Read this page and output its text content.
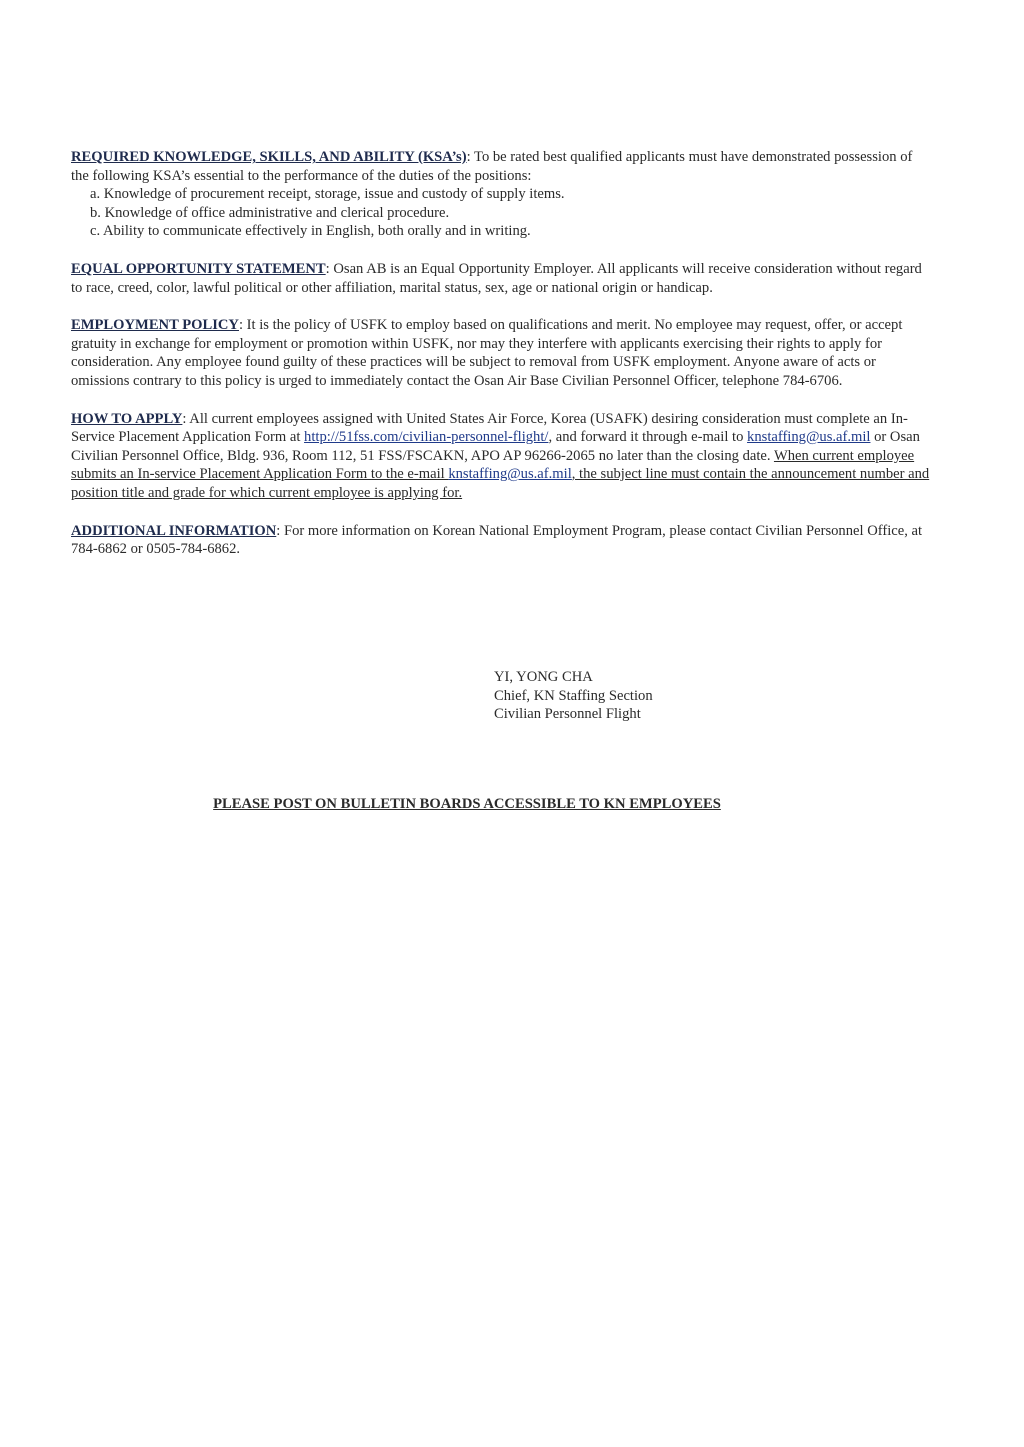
REQUIRED KNOWLEDGE, SKILLS, AND ABILITY (KSA’s): To be rated best qualified applicants must have demonstrated possession of the following KSA’s essential to the performance of the duties of the positions:
a. Knowledge of procurement receipt, storage, issue and custody of supply items.
b. Knowledge of office administrative and clerical procedure.
c. Ability to communicate effectively in English, both orally and in writing.
EQUAL OPPORTUNITY STATEMENT: Osan AB is an Equal Opportunity Employer. All applicants will receive consideration without regard to race, creed, color, lawful political or other affiliation, marital status, sex, age or national origin or handicap.
EMPLOYMENT POLICY: It is the policy of USFK to employ based on qualifications and merit. No employee may request, offer, or accept gratuity in exchange for employment or promotion within USFK, nor may they interfere with applicants exercising their rights to apply for consideration. Any employee found guilty of these practices will be subject to removal from USFK employment. Anyone aware of acts or omissions contrary to this policy is urged to immediately contact the Osan Air Base Civilian Personnel Officer, telephone 784-6706.
HOW TO APPLY: All current employees assigned with United States Air Force, Korea (USAFK) desiring consideration must complete an In-Service Placement Application Form at http://51fss.com/civilian-personnel-flight/, and forward it through e-mail to knstaffing@us.af.mil or Osan Civilian Personnel Office, Bldg. 936, Room 112, 51 FSS/FSCAKN, APO AP 96266-2065 no later than the closing date. When current employee submits an In-service Placement Application Form to the e-mail knstaffing@us.af.mil, the subject line must contain the announcement number and position title and grade for which current employee is applying for.
ADDITIONAL INFORMATION: For more information on Korean National Employment Program, please contact Civilian Personnel Office, at 784-6862 or 0505-784-6862.
YI, YONG CHA
Chief, KN Staffing Section
Civilian Personnel Flight
PLEASE POST ON BULLETIN BOARDS ACCESSIBLE TO KN EMPLOYEES
